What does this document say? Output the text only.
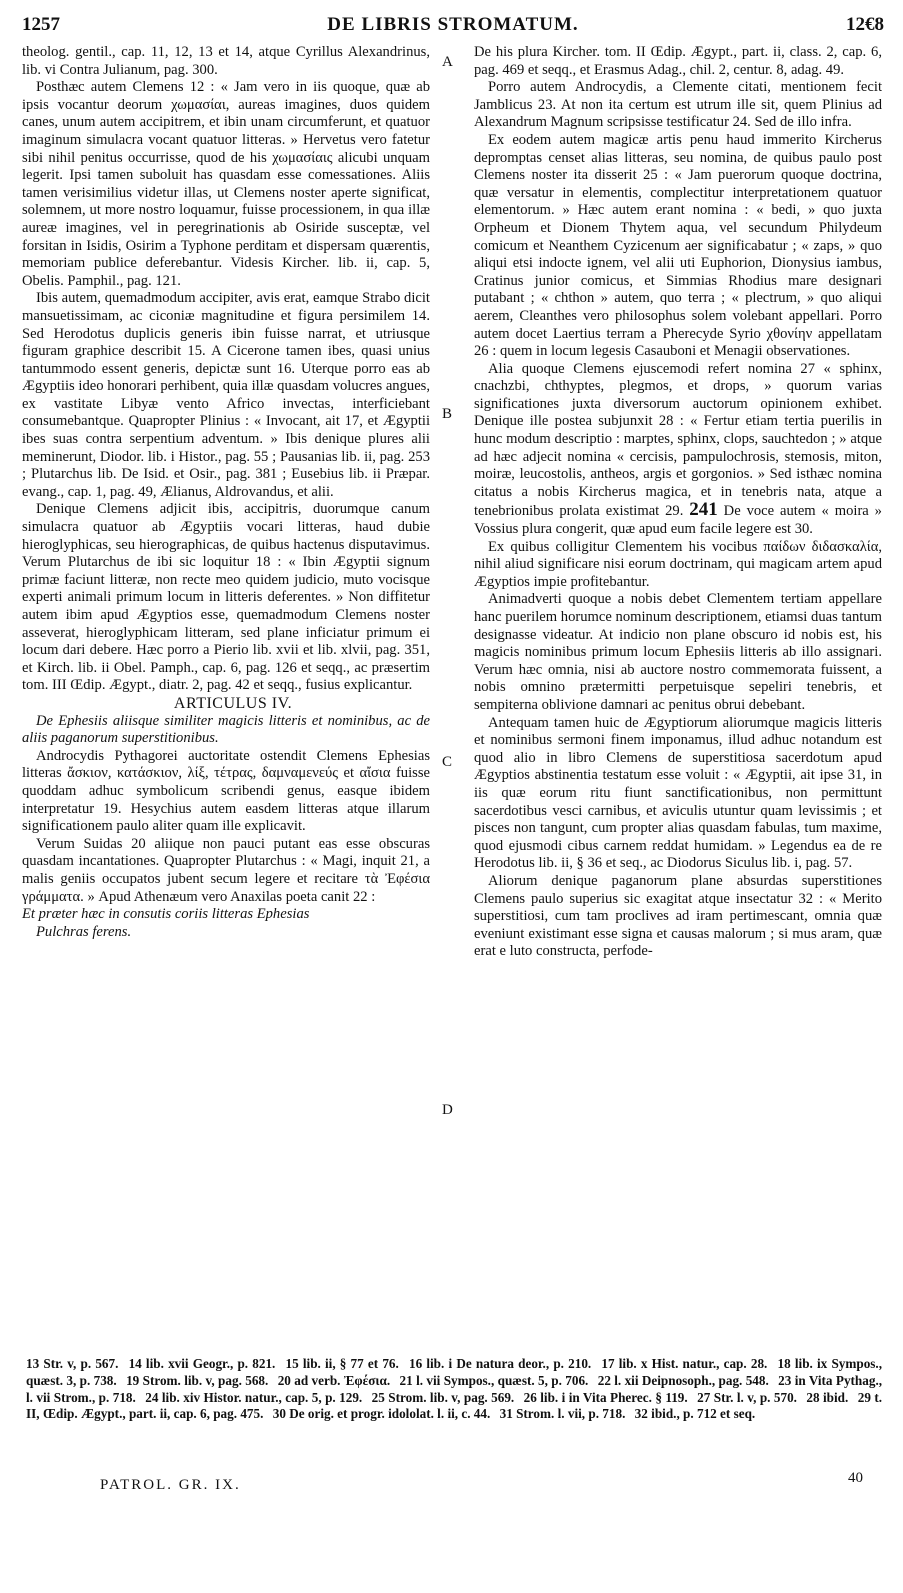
1257	DE LIBRIS STROMATUM.	12€8
A
B
C
D

theolog. gentil., cap. 11, 12, 13 et 14, atque Cyrillus Alexandrinus, lib. vi Contra Julianum, pag. 300.

Posthæc autem Clemens 12 : « Jam vero in iis quoque, quæ ab ipsis vocantur deorum χωμασίαι, aureas imagines, duos quidem canes, unum autem accipitrem, et ibin unam circumferunt, et quatuor imaginum simulacra vocant quatuor litteras. » Hervetus vero fatetur sibi nihil penitus occurrisse, quod de his χωμασίαις alicubi unquam legerit. Ipsi tamen suboluit has quasdam esse comessationes. Aliis tamen verisimilius videtur illas, ut Clemens noster aperte significat, solemnem, ut more nostro loquamur, fuisse processionem, in qua illæ aureæ imagines, vel in peregrinationis ab Osiride susceptæ, vel forsitan in Isidis, Osirim a Typhone perditam et dispersam quærentis, memoriam publice deferebantur. Videsis Kircher. lib. ii, cap. 5, Obelis. Pamphil., pag. 121.

Ibis autem, quemadmodum accipiter, avis erat, eamque Strabo dicit mansuetissimam, ac ciconiæ magnitudine et figura persimilem 14. Sed Herodotus duplicis generis ibin fuisse narrat, et utriusque figuram graphice describit 15. A Cicerone tamen ibes, quasi unius tantummodo essent generis, depictæ sunt 16. Uterque porro eas ab Ægyptiis ideo honorari perhibent, quia illæ quasdam volucres angues, ex vastitate Libyæ vento Africo invectas, interficiebant consumebantque. Quapropter Plinius : « Invocant, ait 17, et Ægyptii ibes suas contra serpentium adventum. » Ibis denique plures alii meminerunt, Diodor. lib. i Histor., pag. 55 ; Pausanias lib. ii, pag. 253 ; Plutarchus lib. De Isid. et Osir., pag. 381 ; Eusebius lib. ii Præpar. evang., cap. 1, pag. 49, Ælianus, Aldrovandus, et alii.

Denique Clemens adjicit ibis, accipitris, duorumque canum simulacra quatuor ab Ægyptiis vocari litteras, haud dubie hieroglyphicas, seu hierographicas, de quibus hactenus disputavimus. Verum Plutarchus de ibi sic loquitur 18 : « Ibin Ægyptii signum primæ faciunt litteræ, non recte meo quidem judicio, muto vocisque experti animali primum locum in litteris deferentes. » Non diffitetur autem ibim apud Ægyptios esse, quemadmodum Clemens noster asseverat, hieroglyphicam litteram, sed plane inficiatur primum ei locum dari debere. Hæc porro a Pierio lib. xvii et lib. xlvii, pag. 351, et Kirch. lib. ii Obel. Pamph., cap. 6, pag. 126 et seqq., ac præsertim tom. III Œdip. Ægypt., diatr. 2, pag. 42 et seqq., fusius explicantur.

ARTICULUS IV.

De Ephesiis aliisque similiter magicis litteris et nominibus, ac de aliis paganorum superstitionibus.

Androcydis Pythagorei auctoritate ostendit Clemens Ephesias litteras ἄσκιον, κατάσκιον, λίξ, τέτρας, δαμναμενεύς et αἴσια fuisse quoddam adhuc symbolicum scribendi genus, easque ibidem interpretatur 19. Hesychius autem easdem litteras atque illarum significationem paulo aliter quam ille explicavit.

Verum Suidas 20 aliique non pauci putant eas esse obscuras quasdam incantationes. Quapropter Plutarchus : « Magi, inquit 21, a malis geniis occupatos jubent secum legere et recitare τὰ Ἐφέσια γράμματα. » Apud Athenæum vero Anaxilas poeta canit 22 :

Et præter hæc in consutis coriis litteras Ephesias

Pulchras ferens.

De his plura Kircher. tom. II Œdip. Ægypt., part. ii, class. 2, cap. 6, pag. 469 et seqq., et Erasmus Adag., chil. 2, centur. 8, adag. 49.

Porro autem Androcydis, a Clemente citati, mentionem fecit Jamblicus 23. At non ita certum est utrum ille sit, quem Plinius ad Alexandrum Magnum scripsisse testificatur 24. Sed de illo infra.

Ex eodem autem magicæ artis penu haud immerito Kircherus depromptas censet alias litteras, seu nomina, de quibus paulo post Clemens noster ita disserit 25 : « Jam puerorum quoque doctrina, quæ versatur in elementis, complectitur interpretationem quatuor elementorum. » Hæc autem erant nomina : « bedi, » quo juxta Orpheum et Dionem Thytem aqua, vel secundum Philydeum comicum et Neanthem Cyzicenum aer significabatur ; « zaps, » quo aliqui etsi indocte ignem, vel alii uti Euphorion, Dionysius iambus, Cratinus junior comicus, et Simmias Rhodius mare designari putabant ; « chthon » autem, quo terra ; « plectrum, » quo aliqui aerem, Cleanthes vero philosophus solem volebant appellari. Porro autem docet Laertius terram a Pherecyde Syrio χθονίην appellatam 26 : quem in locum legesis Casauboni et Menagii observationes.

Alia quoque Clemens ejuscemodi refert nomina 27 « sphinx, cnachzbi, chthyptes, plegmos, et drops, » quorum varias significationes juxta diversorum auctorum opinionem exhibet. Denique ille postea subjunxit 28 : « Fertur etiam tertia puerilis in hunc modum descriptio : marptes, sphinx, clops, sauchtedon ; » atque ad hæc adjecit nomina « cercisis, pampulochrosis, stemosis, miton, moiræ, leucostolis, antheos, argis et gorgonios. » Sed isthæc nomina citatus a nobis Kircherus magica, et in tenebris nata, atque a tenebrionibus prolata existimat 29. 241 De voce autem « moira » Vossius plura congerit, quæ apud eum facile legere est 30.

Ex quibus colligitur Clementem his vocibus παίδων διδασκαλία, nihil aliud significare nisi eorum doctrinam, qui magicam artem apud Ægyptios impie profitebantur.

Animadverti quoque a nobis debet Clementem tertiam appellare hanc puerilem horumce nominum descriptionem, etiamsi duas tantum designasse videatur. At indicio non plane obscuro id nobis est, his magicis nominibus primum locum Ephesiis litteris ab illo assignari. Verum hæc omnia, nisi ab auctore nostro commemorata fuissent, a nobis omnino prætermitti perpetuisque sepeliri tenebris, et sempiterna oblivione damnari ac penitus obrui debebant.

Antequam tamen huic de Ægyptiorum aliorumque magicis litteris et nominibus sermoni finem imponamus, illud adhuc notandum est quod alio in libro Clemens de superstitiosa sacerdotum apud Ægyptios abstinentia testatum esse voluit : « Ægyptii, ait ipse 31, in iis quæ eorum ritu fiunt sanctificationibus, non permittunt sacerdotibus vesci carnibus, et aviculis utuntur quam levissimis ; et pisces non tangunt, cum propter alias quasdam fabulas, tum maxime, quod ejusmodi cibus carnem reddat humidam. » Legendus ea de re Herodotus lib. ii, § 36 et seq., ac Diodorus Siculus lib. i, pag. 57.

Aliorum denique paganorum plane absurdas superstitiones Clemens paulo superius sic exagitat atque insectatur 32 : « Merito superstitiosi, cum tam proclives ad iram pertimescant, omnia quæ eveniunt existimant esse signa et causas malorum ; si mus aram, quæ erat e luto constructa, perfode-

13 Str. v, p. 567. 14 lib. xvii Geogr., p. 821. 15 lib. ii, § 77 et 76. 16 lib. i De natura deor., p. 210. 17 lib. x Hist. natur., cap. 28. 18 lib. ix Sympos., quæst. 3, p. 738. 19 Strom. lib. v, pag. 568. 20 ad verb. Ἐφέσια. 21 l. vii Sympos., quæst. 5, p. 706. 22 l. xii Deipnosoph., pag. 548. 23 in Vita Pythag., l. vii Strom., p. 718. 24 lib. xiv Histor. natur., cap. 5, p. 129. 25 Strom. lib. v, pag. 569. 26 lib. i in Vita Pherec. § 119. 27 Str. l. v, p. 570. 28 ibid. 29 t. II, Œdip. Ægypt., part. ii, cap. 6, pag. 475. 30 De orig. et progr. idololat. l. ii, c. 44. 31 Strom. l. vii, p. 718. 32 ibid., p. 712 et seq.
PATROL. GR. IX.	40
